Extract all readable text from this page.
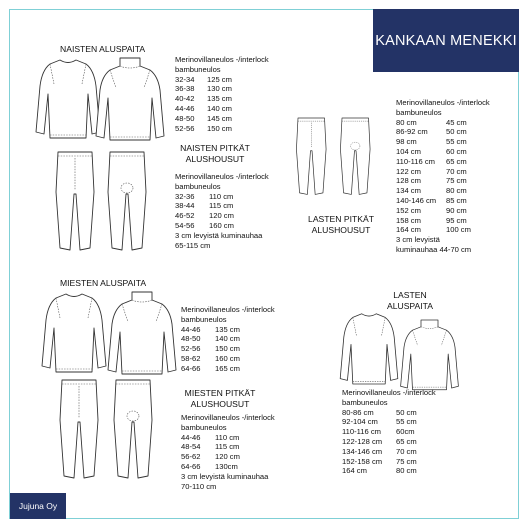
KANKAAN MENEKKI
Jujuna Oy
NAISTEN ALUSPAITA
Merinovillaneulos -/interlock
bambuneulos
32-34 125 cm
36-38 130 cm
40-42 135 cm
44-46 140 cm
48-50 145 cm
52-56 150 cm
NAISTEN PITKÄT
ALUSHOUSUT
Merinovillaneulos -/interlock
bambuneulos
32-36 110 cm
38-44 115 cm
46-52 120 cm
54-56 160 cm
3 cm levyistä kuminauhaa
65-115 cm
Merinovillaneulos -/interlock
bambuneulos
80 cm	45 cm
86-92 cm 50 cm
98 cm	55 cm
104 cm	60 cm
110-116 cm 65 cm
122 cm	70 cm
128 cm	75 cm
134 cm	80 cm
140-146 cm 85 cm
152 cm	90 cm
158 cm	95 cm
164 cm	100 cm
3 cm levyistä
kuminauhaa 44-70 cm
LASTEN PITKÄT
ALUSHOUSUT
MIESTEN ALUSPAITA
Merinovillaneulos -/interlock
bambuneulos
44-46 135 cm
48-50 140 cm
52-56 150 cm
58-62 160 cm
64-66 165 cm
MIESTEN PITKÄT
ALUSHOUSUT
Merinovillaneulos -/interlock
bambuneulos
44-46 110 cm
48-54 115 cm
56-62 120 cm
64-66 130cm
3 cm levyistä kuminauhaa
70-110 cm
LASTEN
ALUSPAITA
Merinovillaneulos -/interlock
bambuneulos
80-86 cm	50 cm
92-104 cm 55 cm
110-116 cm 60cm
122-128 cm 65 cm
134-146 cm 70 cm
152-158 cm 75 cm
164 cm	80 cm
